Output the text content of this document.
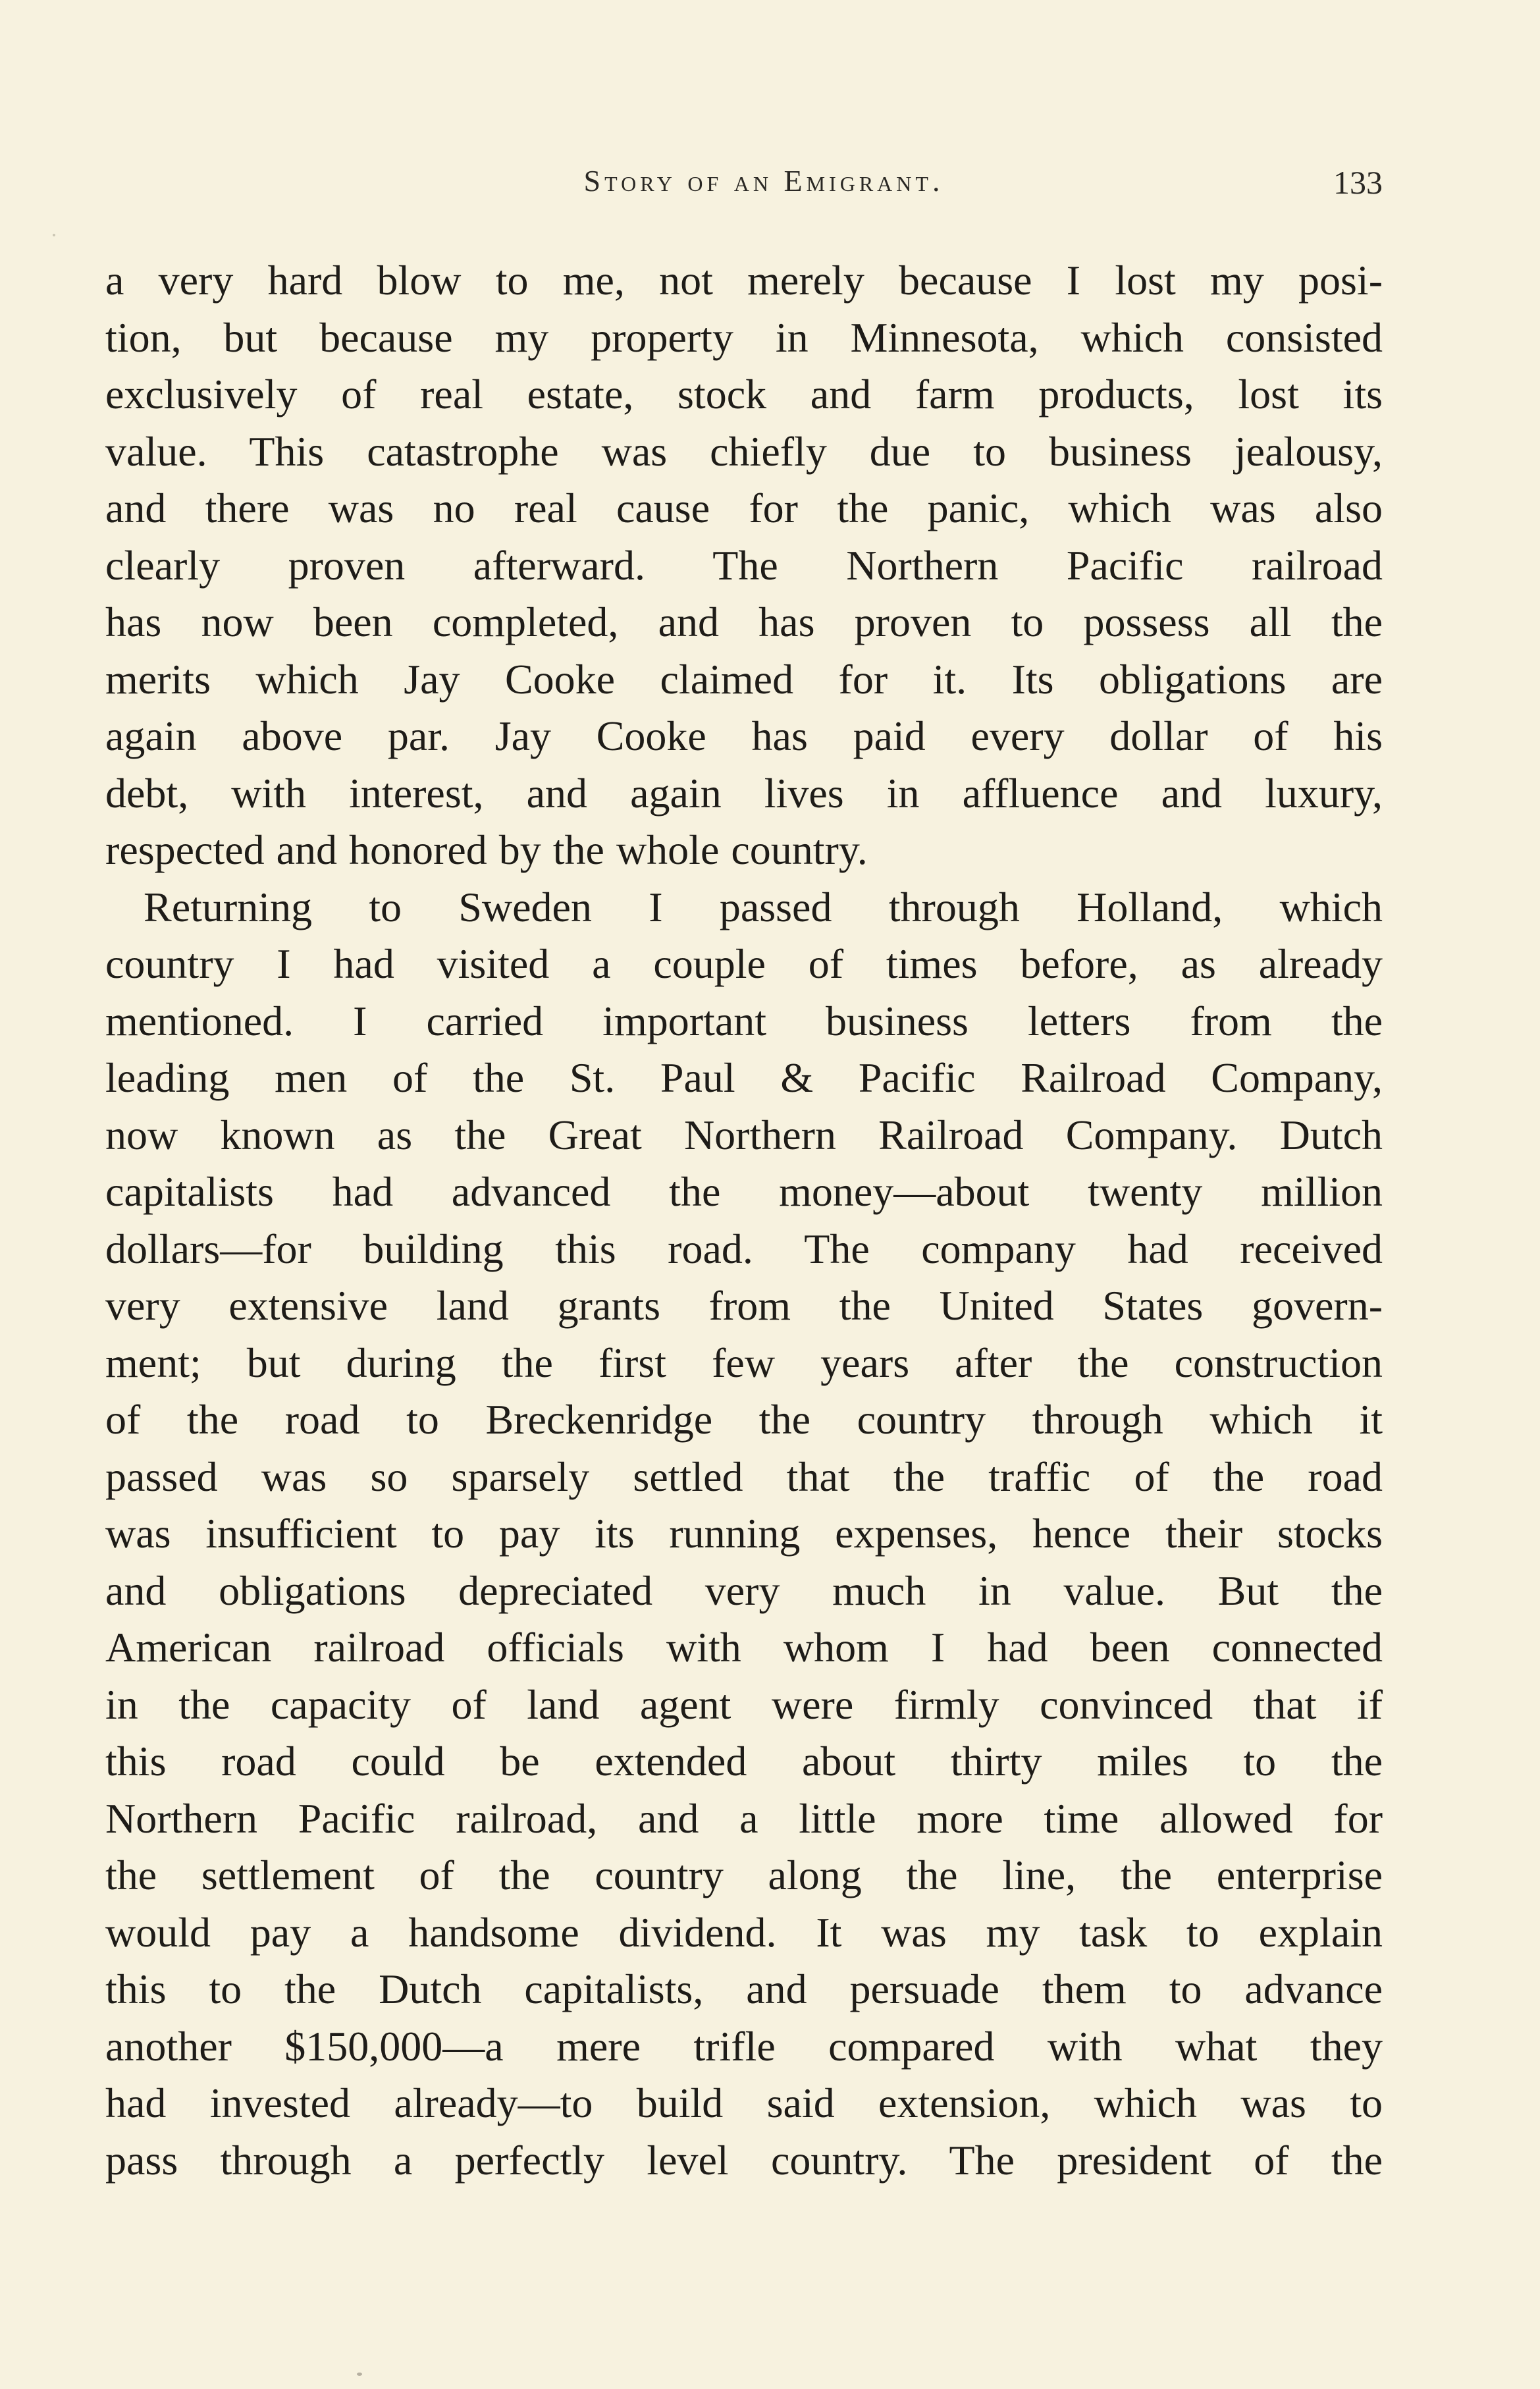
Story of an Emigrant.	133
a very hard blow to me, not merely because I lost my posi-
tion, but because my property in Minnesota, which consisted
exclusively of real estate, stock and farm products, lost its
value. This catastrophe was chiefly due to business jealousy,
and there was no real cause for the panic, which was also
clearly proven afterward. The Northern Pacific railroad
has now been completed, and has proven to possess all the
merits which Jay Cooke claimed for it. Its obligations are
again above par. Jay Cooke has paid every dollar of his
debt, with interest, and again lives in affluence and luxury,
respected and honored by the whole country.
Returning to Sweden I passed through Holland, which
country I had visited a couple of times before, as already
mentioned. I carried important business letters from the
leading men of the St. Paul & Pacific Railroad Company,
now known as the Great Northern Railroad Company. Dutch
capitalists had advanced the money—about twenty million
dollars—for building this road. The company had received
very extensive land grants from the United States govern-
ment; but during the first few years after the construction
of the road to Breckenridge the country through which it
passed was so sparsely settled that the traffic of the road
was insufficient to pay its running expenses, hence their stocks
and obligations depreciated very much in value. But the
American railroad officials with whom I had been connected
in the capacity of land agent were firmly convinced that if
this road could be extended about thirty miles to the
Northern Pacific railroad, and a little more time allowed for
the settlement of the country along the line, the enterprise
would pay a handsome dividend. It was my task to explain
this to the Dutch capitalists, and persuade them to advance
another $150,000—a mere trifle compared with what they
had invested already—to build said extension, which was to
pass through a perfectly level country. The president of the
